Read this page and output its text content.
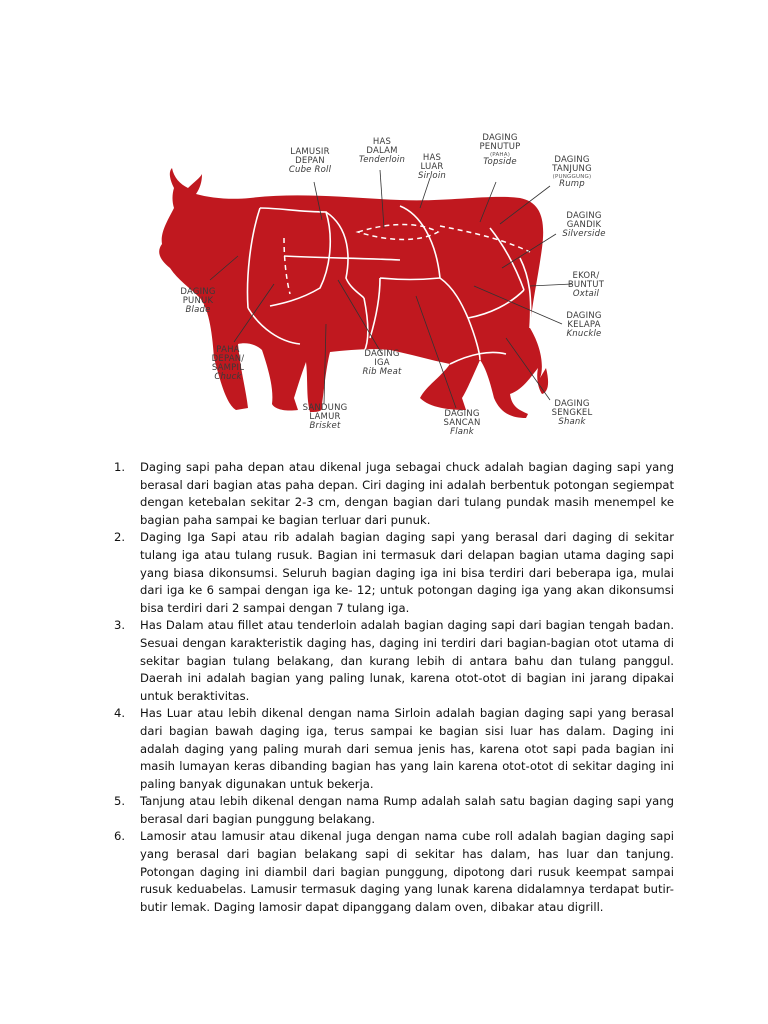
LAMUSIR
DEPAN
Cube Roll
HAS
DALAM
Tenderloin	HAS
LUAR
Sirloin
DAGING
PENUTUP
(PAHA)
Topside	DAGING
TANJUNG
(PUNGGUNG)
Rump
DAGING
GANDIK
Silverside
EKOR/
BUNTUT
Oxtail
DAGING
KELAPA
Knuckle
DAGING
SENGKEL
Shank
DAGING
SANCAN
Flank
DAGING
IGA
Rib Meat
SANDUNG
LAMUR
Brisket
PAHA
DEPAN/
SAMPIL
Chuck
DAGING
PUNUK
Blade
1. Daging sapi paha depan atau dikenal juga sebagai chuck adalah bagian daging sapi yang berasal dari bagian atas paha depan. Ciri daging ini adalah berbentuk potongan segiempat dengan ketebalan sekitar 2-3 cm, dengan bagian dari tulang pundak masih menempel ke bagian paha sampai ke bagian terluar dari punuk.
2. Daging Iga Sapi atau rib adalah bagian daging sapi yang berasal dari daging di sekitar tulang iga atau tulang rusuk. Bagian ini termasuk dari delapan bagian utama daging sapi yang biasa dikonsumsi. Seluruh bagian daging iga ini bisa terdiri dari beberapa iga, mulai dari iga ke 6 sampai dengan iga ke- 12; untuk potongan daging iga yang akan dikonsumsi bisa terdiri dari 2 sampai dengan 7 tulang iga.
3. Has Dalam atau fillet atau tenderloin adalah bagian daging sapi dari bagian tengah badan. Sesuai dengan karakteristik daging has, daging ini terdiri dari bagian-bagian otot utama di sekitar bagian tulang belakang, dan kurang lebih di antara bahu dan tulang panggul. Daerah ini adalah bagian yang paling lunak, karena otot-otot di bagian ini jarang dipakai untuk beraktivitas.
4. Has Luar atau lebih dikenal dengan nama Sirloin adalah bagian daging sapi yang berasal dari bagian bawah daging iga, terus sampai ke bagian sisi luar has dalam. Daging ini adalah daging yang paling murah dari semua jenis has, karena otot sapi pada bagian ini masih lumayan keras dibanding bagian has yang lain karena otot-otot di sekitar daging ini paling banyak digunakan untuk bekerja.
5. Tanjung atau lebih dikenal dengan nama Rump adalah salah satu bagian daging sapi yang berasal dari bagian punggung belakang.
6. Lamosir atau lamusir atau dikenal juga dengan nama cube roll adalah bagian daging sapi yang berasal dari bagian belakang sapi di sekitar has dalam, has luar dan tanjung. Potongan daging ini diambil dari bagian punggung, dipotong dari rusuk keempat sampai rusuk keduabelas. Lamusir termasuk daging yang lunak karena didalamnya terdapat butir-butir lemak. Daging lamosir dapat dipanggang dalam oven, dibakar atau digrill.
